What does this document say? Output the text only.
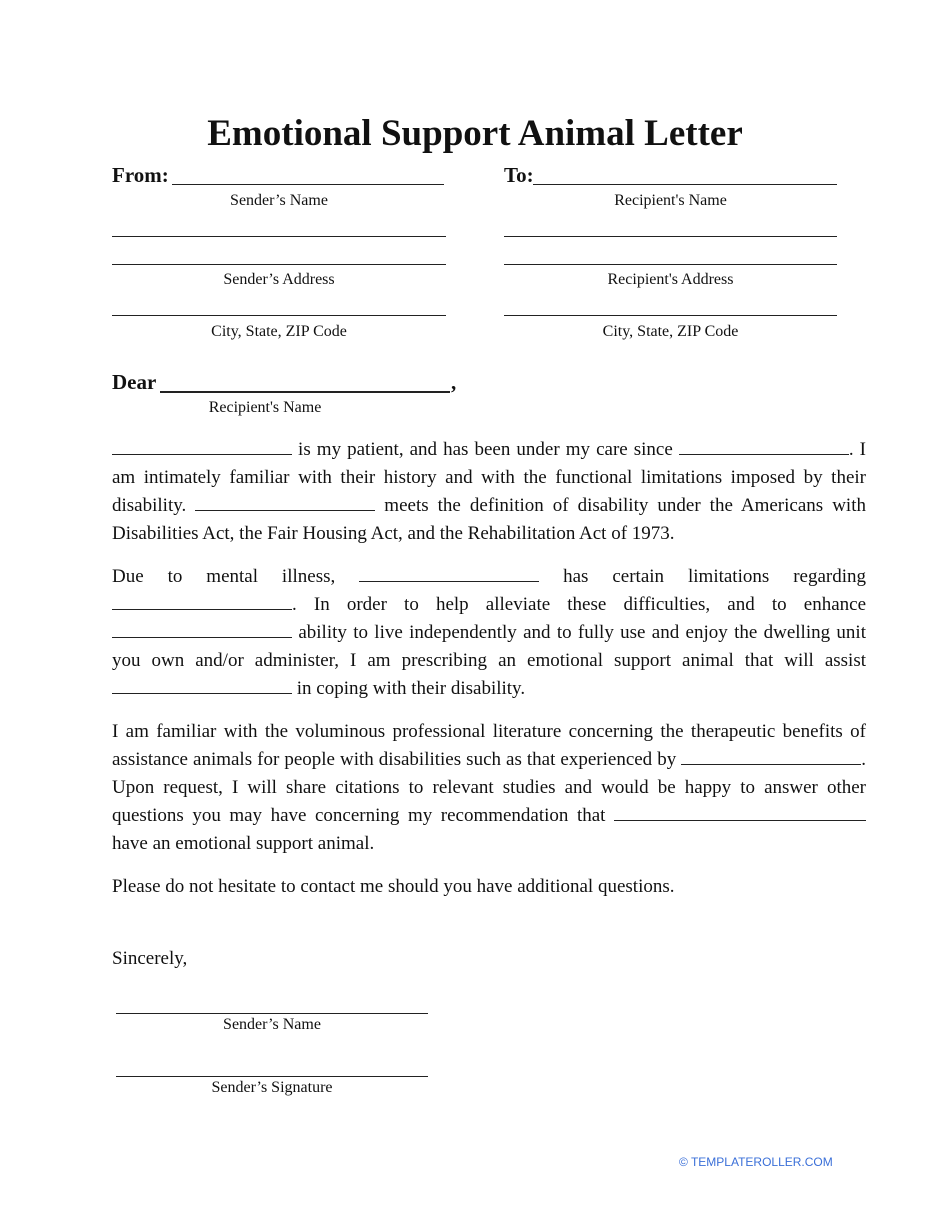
Emotional Support Animal Letter
From:
Sender’s Name
Sender’s Address
City, State, ZIP Code
To:
Recipient's Name
Recipient's Address
City, State, ZIP Code
Dear	,
Recipient's Name
is my patient, and has been under my care since	. I am intimately familiar with their history and with the functional limitations imposed by their disability.	meets the definition of disability under the Americans with Disabilities Act, the Fair Housing Act, and the Rehabilitation Act of 1973.
Due to mental illness,	has certain limitations regarding . In order to help alleviate these difficulties, and to enhance  ability to live independently and to fully use and enjoy the dwelling unit you own and/or administer, I am prescribing an emotional support animal that will assist  in coping with their disability.
I am familiar with the voluminous professional literature concerning the therapeutic benefits of assistance animals for people with disabilities such as that experienced by	. Upon request, I will share citations to relevant studies and would be happy to answer other questions you may have concerning my recommendation that  have an emotional support animal.
Please do not hesitate to contact me should you have additional questions.
Sincerely,
Sender’s Name
Sender’s Signature
© TEMPLATEROLLER.COM
